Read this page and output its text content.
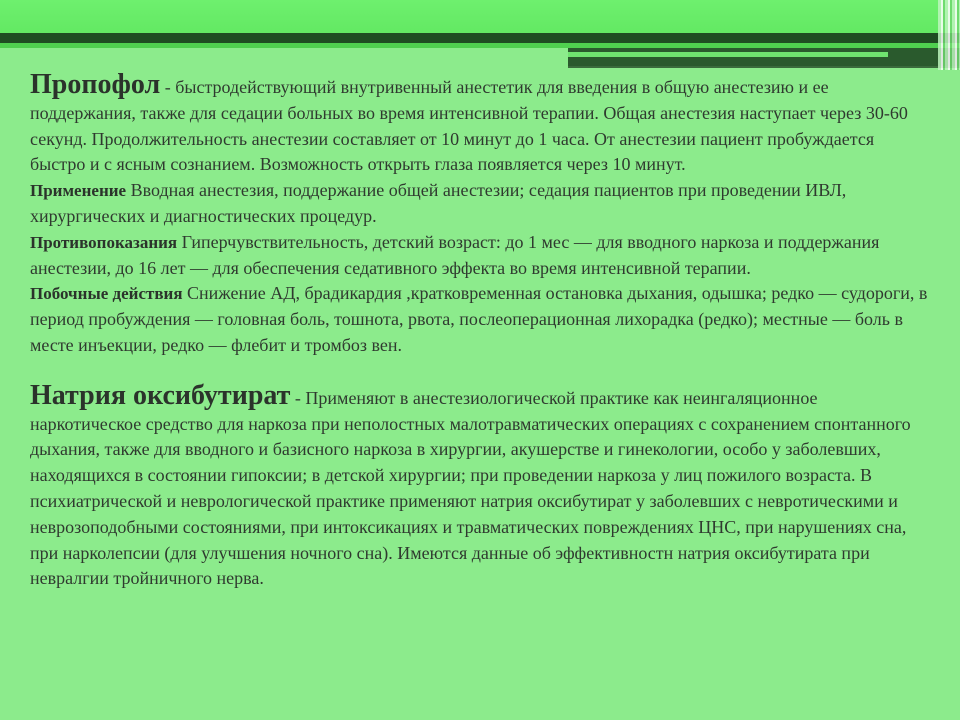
Пропофол - быстродействующий внутривенный анестетик для введения в общую анестезию и ее поддержания, также для седации больных во время интенсивной терапии. Общая анестезия наступает через 30-60 секунд. Продолжительность анестезии составляет от 10 минут до 1 часа. От анестезии пациент пробуждается быстро и с ясным сознанием. Возможность открыть глаза появляется через 10 минут.

Применение Вводная анестезия, поддержание общей анестезии; седация пациентов при проведении ИВЛ, хирургических и диагностических процедур.

Противопоказания Гиперчувствительность, детский возраст: до 1 мес — для вводного наркоза и поддержания анестезии, до 16 лет — для обеспечения седативного эффекта во время интенсивной терапии.

Побочные действия Снижение АД, брадикардия ,кратковременная остановка дыхания, одышка; редко — судороги, в период пробуждения — головная боль, тошнота, рвота, послеоперационная лихорадка (редко); местные — боль в месте инъекции, редко — флебит и тромбоз вен.

Натрия оксибутират - Применяют в анестезиологической практике как неингаляционное наркотическое средство для наркоза при неполостных малотравматических операциях с сохранением спонтанного дыхания, также для вводного и базисного наркоза в хирургии, акушерстве и гинекологии, особо у заболевших, находящихся в состоянии гипоксии; в детской хирургии; при проведении наркоза у лиц пожилого возраста. В психиатрической и неврологической практике применяют натрия оксибутират у заболевших с невротическими и неврозоподобными состояниями, при интоксикациях и травматических повреждениях ЦНС, при нарушениях сна, при нарколепсии (для улучшения ночного сна). Имеются данные об эффективностн натрия оксибутирата при невралгии тройничного нерва.
